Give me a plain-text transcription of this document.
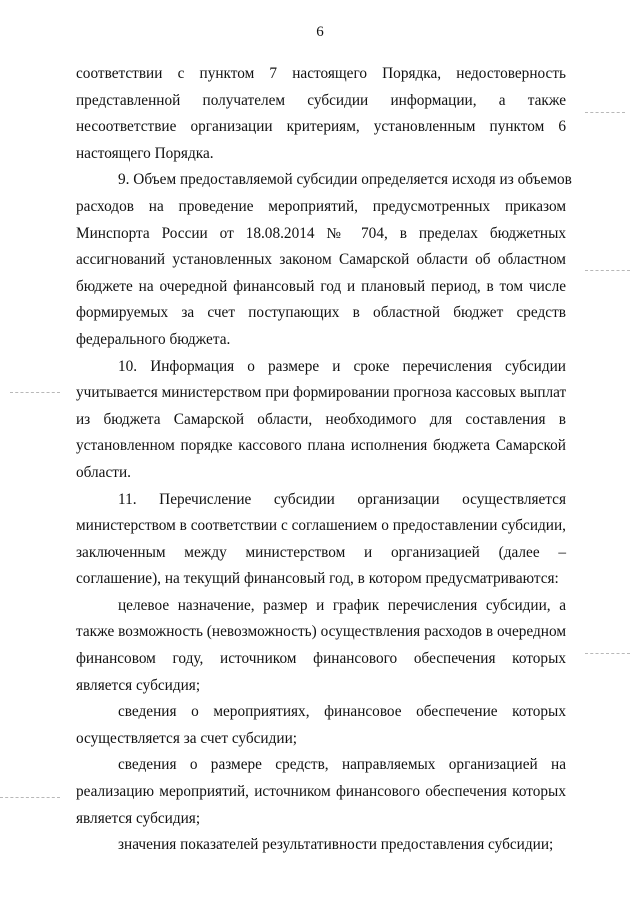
6
соответствии с пунктом 7 настоящего Порядка, недостоверность
представленной получателем субсидии информации, а также
несоответствие организации критериям, установленным пунктом 6
настоящего Порядка.
9. Объем предоставляемой субсидии определяется исходя из объемов
расходов на проведение мероприятий, предусмотренных приказом
Минспорта России от 18.08.2014 № 704, в пределах бюджетных
ассигнований установленных законом Самарской области об областном
бюджете на очередной финансовый год и плановый период, в том числе
формируемых за счет поступающих в областной бюджет средств
федерального бюджета.
10. Информация о размере и сроке перечисления субсидии
учитывается министерством при формировании прогноза кассовых выплат
из бюджета Самарской области, необходимого для составления в
установленном порядке кассового плана исполнения бюджета Самарской
области.
11. Перечисление субсидии организации осуществляется
министерством в соответствии с соглашением о предоставлении субсидии,
заключенным между министерством и организацией (далее –
соглашение), на текущий финансовый год, в котором предусматриваются:
целевое назначение, размер и график перечисления субсидии, а
также возможность (невозможность) осуществления расходов в очередном
финансовом году, источником финансового обеспечения которых
является субсидия;
сведения о мероприятиях, финансовое обеспечение которых
осуществляется за счет субсидии;
сведения о размере средств, направляемых организацией на
реализацию мероприятий, источником финансового обеспечения которых
является субсидия;
значения показателей результативности предоставления субсидии;
